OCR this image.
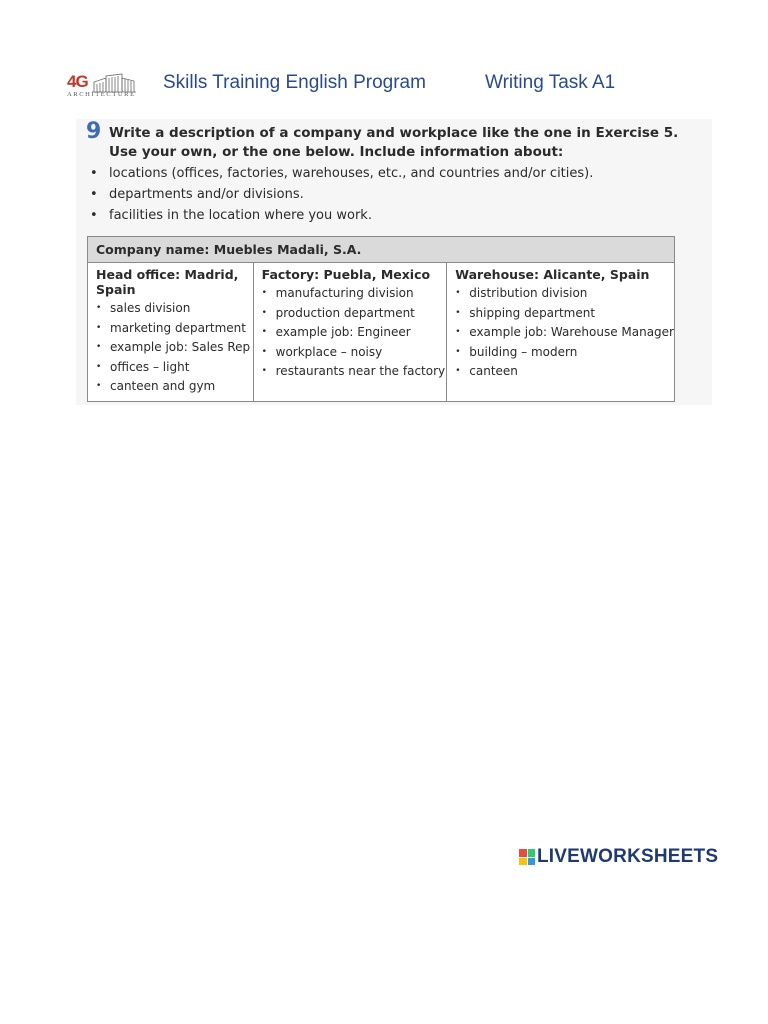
4G
ARCHITECTURE
Skills Training English Program	Writing Task A1
9 Write a description of a company and workplace like the one in Exercise 5.
Use your own, or the one below. Include information about:
• locations (offices, factories, warehouses, etc., and countries and/or cities).
• departments and/or divisions.
• facilities in the location where you work.
Company name: Muebles Madali, S.A.

Head office: Madrid, Spain
• sales division
• marketing department
• example job: Sales Rep
• offices – light
• canteen and gym

Factory: Puebla, Mexico
• manufacturing division
• production department
• example job: Engineer
• workplace – noisy
• restaurants near the factory

Warehouse: Alicante, Spain
• distribution division
• shipping department
• example job: Warehouse Manager
• building – modern
• canteen
LIVEWORKSHEETS
